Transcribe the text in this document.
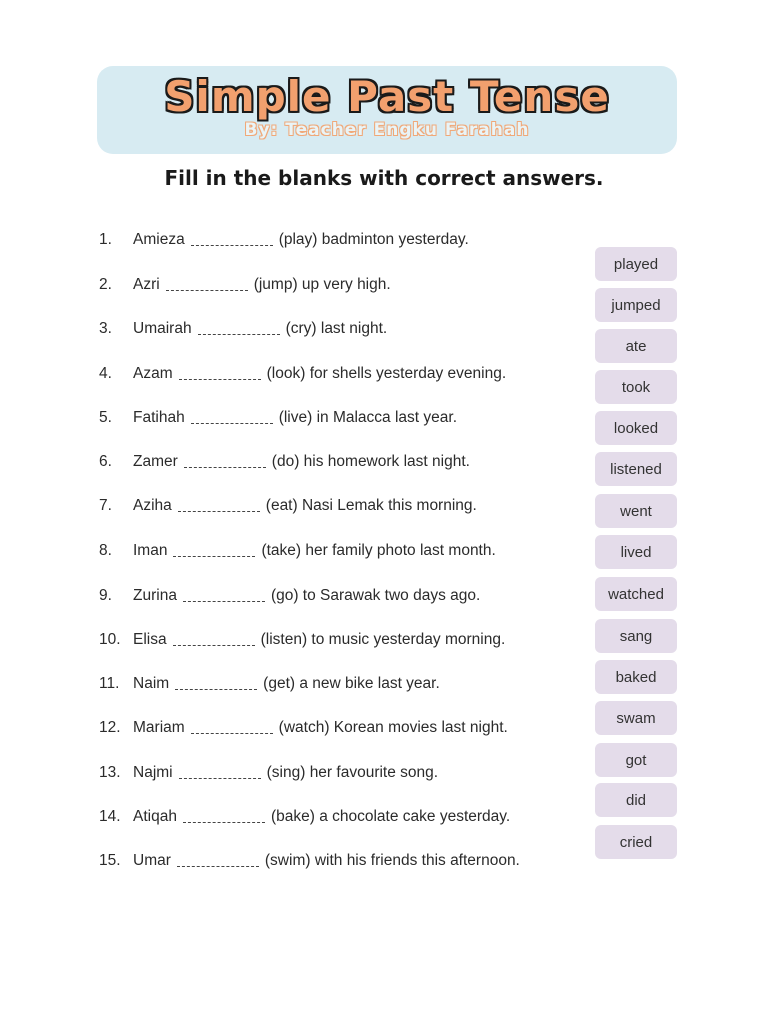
Simple Past Tense
By: Teacher Engku Farahah
Fill in the blanks with correct answers.
1. Amieza	(play) badminton yesterday.
2. Azri	(jump) up very high.
3. Umairah	(cry) last night.
4. Azam	(look) for shells yesterday evening.
5. Fatihah	(live) in Malacca last year.
6. Zamer	(do) his homework last night.
7. Aziha	(eat) Nasi Lemak this morning.
8. Iman	(take) her family photo last month.
9. Zurina	(go) to Sarawak two days ago.
10. Elisa	(listen) to music yesterday morning.
11. Naim	(get) a new bike last year.
12. Mariam	(watch) Korean movies last night.
13. Najmi	(sing) her favourite song.
14. Atiqah	(bake) a chocolate cake yesterday.
15. Umar	(swim) with his friends this afternoon.
played
jumped
ate
took
looked
listened
went
lived
watched
sang
baked
swam
got
did
cried
